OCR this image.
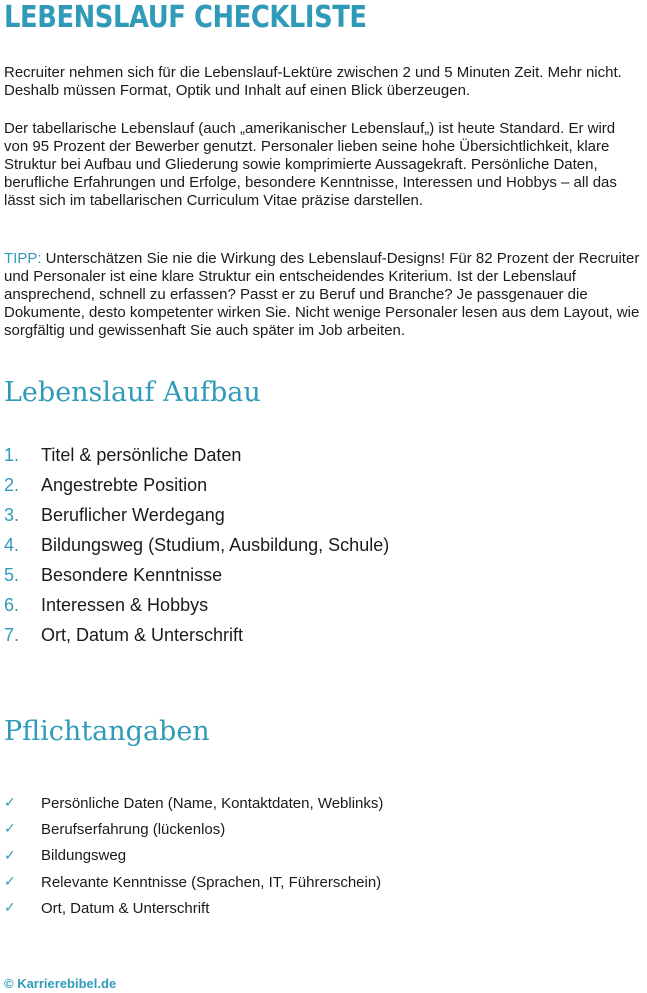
LEBENSLAUF CHECKLISTE

Recruiter nehmen sich für die Lebenslauf-Lektüre zwischen 2 und 5 Minuten Zeit. Mehr nicht. Deshalb müssen Format, Optik und Inhalt auf einen Blick überzeugen.

Der tabellarische Lebenslauf (auch „amerikanischer Lebenslauf„) ist heute Standard. Er wird von 95 Prozent der Bewerber genutzt. Personaler lieben seine hohe Übersichtlichkeit, klare Struktur bei Aufbau und Gliederung sowie komprimierte Aussagekraft. Persönliche Daten, berufliche Erfahrungen und Erfolge, besondere Kenntnisse, Interessen und Hobbys – all das lässt sich im tabellarischen Curriculum Vitae präzise darstellen.

TIPP: Unterschätzen Sie nie die Wirkung des Lebenslauf-Designs! Für 82 Prozent der Recruiter und Personaler ist eine klare Struktur ein entscheidendes Kriterium. Ist der Lebenslauf ansprechend, schnell zu erfassen? Passt er zu Beruf und Branche? Je passgenauer die Dokumente, desto kompetenter wirken Sie. Nicht wenige Personaler lesen aus dem Layout, wie sorgfältig und gewissenhaft Sie auch später im Job arbeiten.

Lebenslauf Aufbau
1.	Titel & persönliche Daten
2.	Angestrebte Position
3.	Beruflicher Werdegang
4.	Bildungsweg (Studium, Ausbildung, Schule)
5.	Besondere Kenntnisse
6.	Interessen & Hobbys
7.	Ort, Datum & Unterschrift
Pflichtangaben
✓	Persönliche Daten (Name, Kontaktdaten, Weblinks)
✓	Berufserfahrung (lückenlos)
✓	Bildungsweg
✓	Relevante Kenntnisse (Sprachen, IT, Führerschein)
✓	Ort, Datum & Unterschrift

© Karrierebibel.de
